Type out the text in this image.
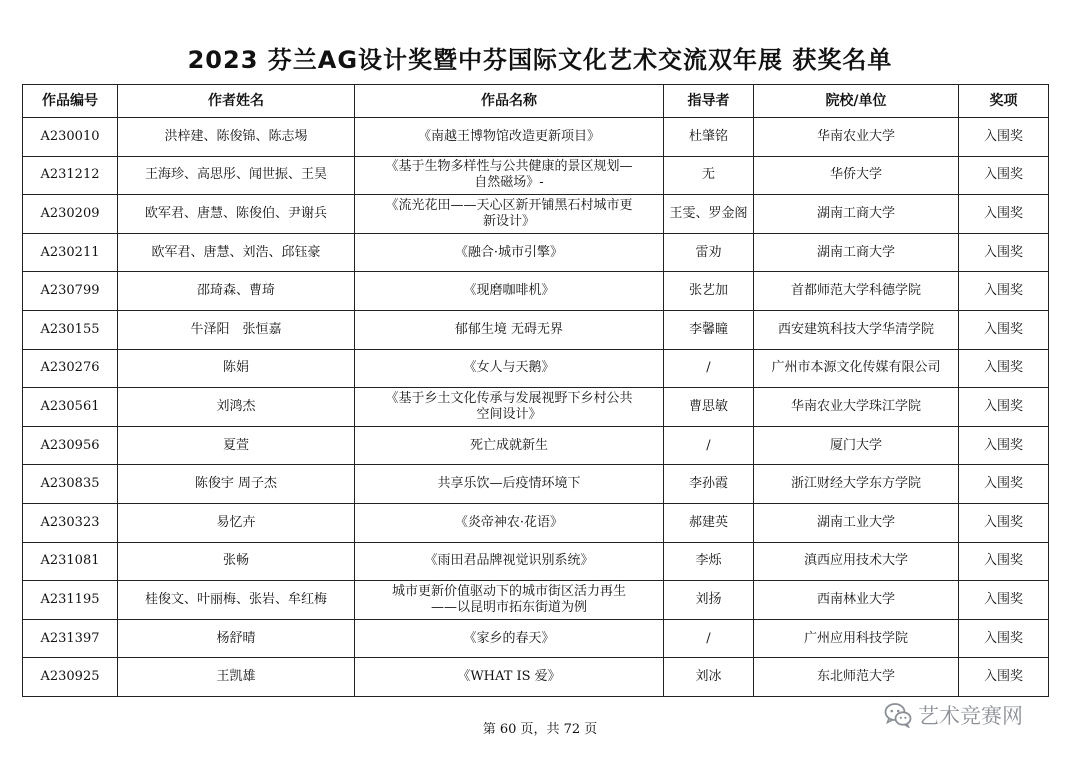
2023 芬兰AG设计奖暨中芬国际文化艺术交流双年展 获奖名单
作品编号	作者姓名	作品名称	指导者	院校/单位	奖项
A230010	洪梓建、陈俊锦、陈志埸	《南越王博物馆改造更新项目》	杜肇铭	华南农业大学	入围奖
A231212	王海珍、高思彤、闻世振、王昊	《基于生物多样性与公共健康的景区规划—
自然磁场》-	无	华侨大学	入围奖
A230209	欧军君、唐慧、陈俊伯、尹谢兵	《流光花田——天心区新开铺黑石村城市更
新设计》	王雯、罗金阁	湖南工商大学	入围奖
A230211	欧军君、唐慧、刘浩、邱钰豪	《融合·城市引擎》	雷劝	湖南工商大学	入围奖
A230799	邵琦森、曹琦	《现磨咖啡机》	张艺加	首都师范大学科德学院	入围奖
A230155	牛泽阳　张恒嘉	郁郁生境 无碍无界	李馨瞳	西安建筑科技大学华清学院	入围奖
A230276	陈娟	《女人与天鹅》	/	广州市本源文化传媒有限公司	入围奖
A230561	刘鸿杰	《基于乡土文化传承与发展视野下乡村公共
空间设计》	曹思敏	华南农业大学珠江学院	入围奖
A230956	夏萱	死亡成就新生	/	厦门大学	入围奖
A230835	陈俊宇 周子杰	共享乐饮—后疫情环境下	李孙霞	浙江财经大学东方学院	入围奖
A230323	易忆卉	《炎帝神农·花语》	郝建英	湖南工业大学	入围奖
A231081	张畅	《雨田君品牌视觉识别系统》	李烁	滇西应用技术大学	入围奖
A231195	桂俊文、叶丽梅、张岩、牟红梅	城市更新价值驱动下的城市街区活力再生
——以昆明市拓东街道为例	刘扬	西南林业大学	入围奖
A231397	杨舒晴	《家乡的春天》	/	广州应用科技学院	入围奖
A230925	王凯雄	《WHAT IS 爱》	刘冰	东北师范大学	入围奖
第 60 页，共 72 页
艺术竞赛网
